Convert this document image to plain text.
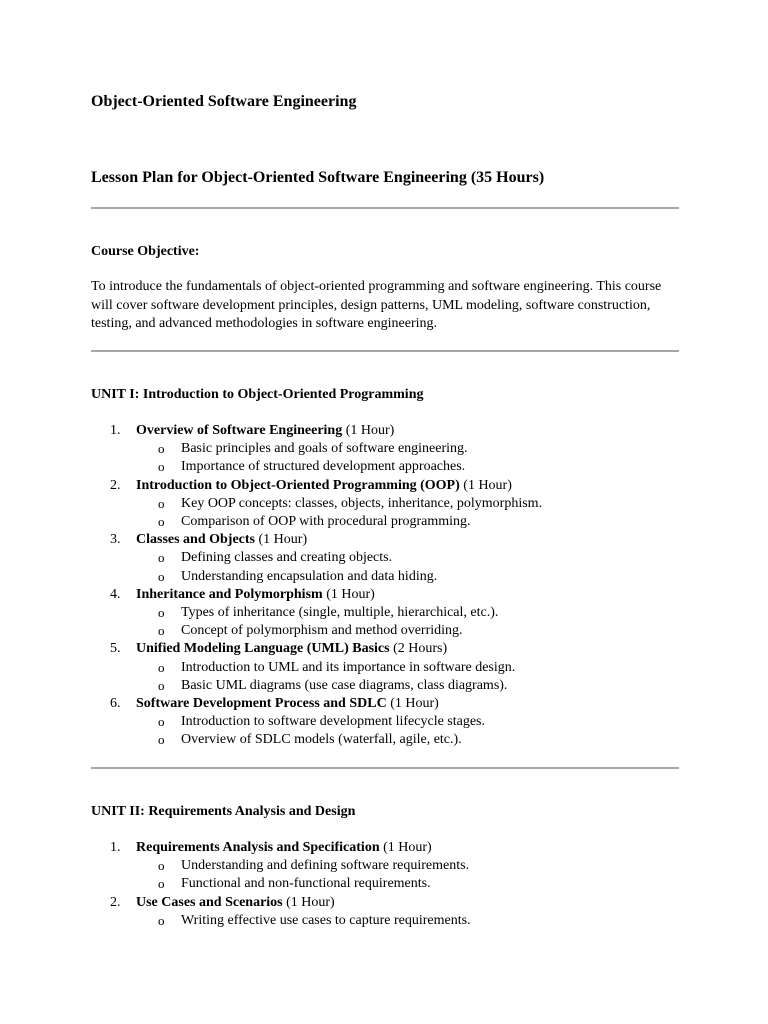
Object-Oriented Software Engineering
Lesson Plan for Object-Oriented Software Engineering (35 Hours)
Course Objective:
To introduce the fundamentals of object-oriented programming and software engineering. This course will cover software development principles, design patterns, UML modeling, software construction, testing, and advanced methodologies in software engineering.
UNIT I: Introduction to Object-Oriented Programming
1. Overview of Software Engineering (1 Hour)
o Basic principles and goals of software engineering.
o Importance of structured development approaches.
2. Introduction to Object-Oriented Programming (OOP) (1 Hour)
o Key OOP concepts: classes, objects, inheritance, polymorphism.
o Comparison of OOP with procedural programming.
3. Classes and Objects (1 Hour)
o Defining classes and creating objects.
o Understanding encapsulation and data hiding.
4. Inheritance and Polymorphism (1 Hour)
o Types of inheritance (single, multiple, hierarchical, etc.).
o Concept of polymorphism and method overriding.
5. Unified Modeling Language (UML) Basics (2 Hours)
o Introduction to UML and its importance in software design.
o Basic UML diagrams (use case diagrams, class diagrams).
6. Software Development Process and SDLC (1 Hour)
o Introduction to software development lifecycle stages.
o Overview of SDLC models (waterfall, agile, etc.).
UNIT II: Requirements Analysis and Design
1. Requirements Analysis and Specification (1 Hour)
o Understanding and defining software requirements.
o Functional and non-functional requirements.
2. Use Cases and Scenarios (1 Hour)
o Writing effective use cases to capture requirements.
